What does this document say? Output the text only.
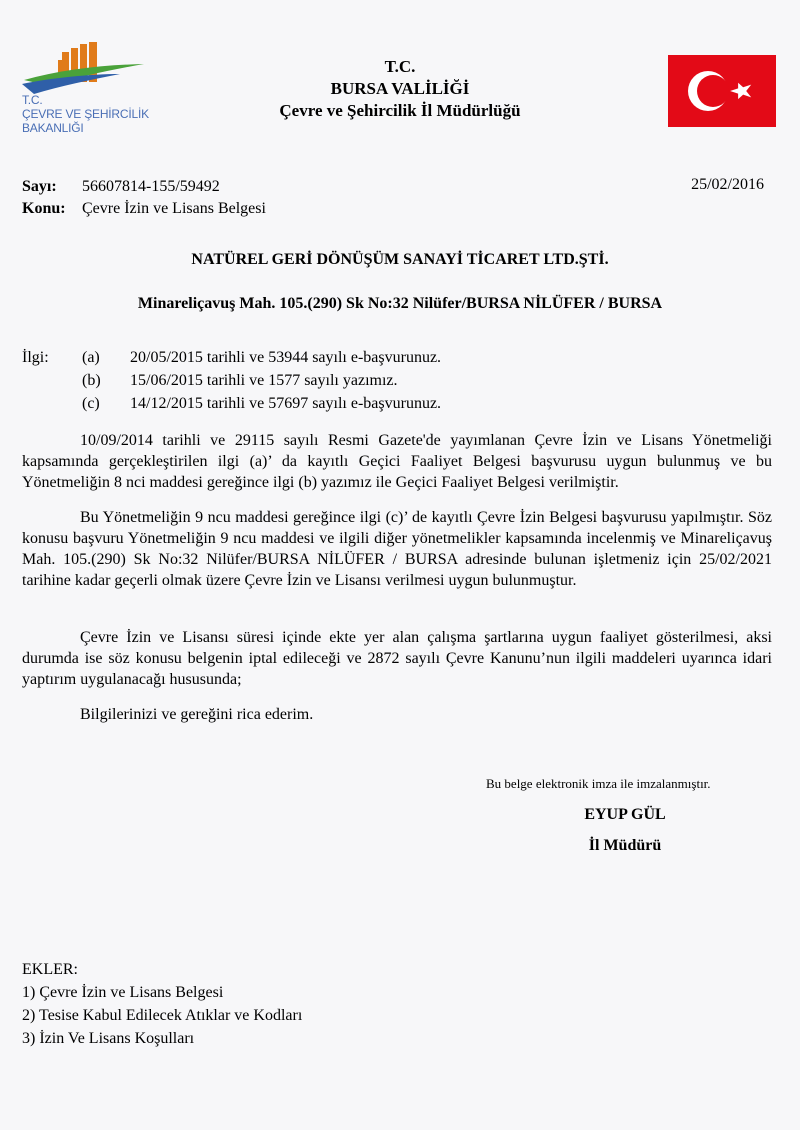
T.C.
ÇEVRE VE ŞEHİRCİLİK
BAKANLIĞI
T.C.
BURSA VALİLİĞİ
Çevre ve Şehircilik İl Müdürlüğü
Sayı: 56607814-155/59492
Konu: Çevre İzin ve Lisans Belgesi
25/02/2016
NATÜREL GERİ DÖNÜŞÜM SANAYİ TİCARET LTD.ŞTİ.
Minareliçavuş Mah. 105.(290) Sk No:32 Nilüfer/BURSA NİLÜFER / BURSA
İlgi:	(a)	20/05/2015 tarihli ve 53944 sayılı e-başvurunuz.
(b)	15/06/2015 tarihli ve 1577 sayılı yazımız.
(c)	14/12/2015 tarihli ve 57697 sayılı e-başvurunuz.

10/09/2014 tarihli ve 29115 sayılı Resmi Gazete'de yayımlanan Çevre İzin ve Lisans Yönetmeliği kapsamında gerçekleştirilen ilgi (a)’ da kayıtlı Geçici Faaliyet Belgesi başvurusu uygun bulunmuş ve bu Yönetmeliğin 8 nci maddesi gereğince ilgi (b) yazımız ile Geçici Faaliyet Belgesi verilmiştir.

Bu Yönetmeliğin 9 ncu maddesi gereğince ilgi (c)’ de kayıtlı Çevre İzin Belgesi başvurusu yapılmıştır. Söz konusu başvuru Yönetmeliğin 9 ncu maddesi ve ilgili diğer yönetmelikler kapsamında incelenmiş ve Minareliçavuş Mah. 105.(290) Sk No:32 Nilüfer/BURSA NİLÜFER / BURSA adresinde bulunan işletmeniz için 25/02/2021 tarihine kadar geçerli olmak üzere Çevre İzin ve Lisansı verilmesi uygun bulunmuştur.

Çevre İzin ve Lisansı süresi içinde ekte yer alan çalışma şartlarına uygun faaliyet gösterilmesi, aksi durumda ise söz konusu belgenin iptal edileceği ve 2872 sayılı Çevre Kanunu’nun ilgili maddeleri uyarınca idari yaptırım uygulanacağı hususunda;

Bilgilerinizi ve gereğini rica ederim.

Bu belge elektronik imza ile imzalanmıştır.
EYUP GÜL
İl Müdürü
EKLER:
1) Çevre İzin ve Lisans Belgesi
2) Tesise Kabul Edilecek Atıklar ve Kodları
3) İzin Ve Lisans Koşulları
